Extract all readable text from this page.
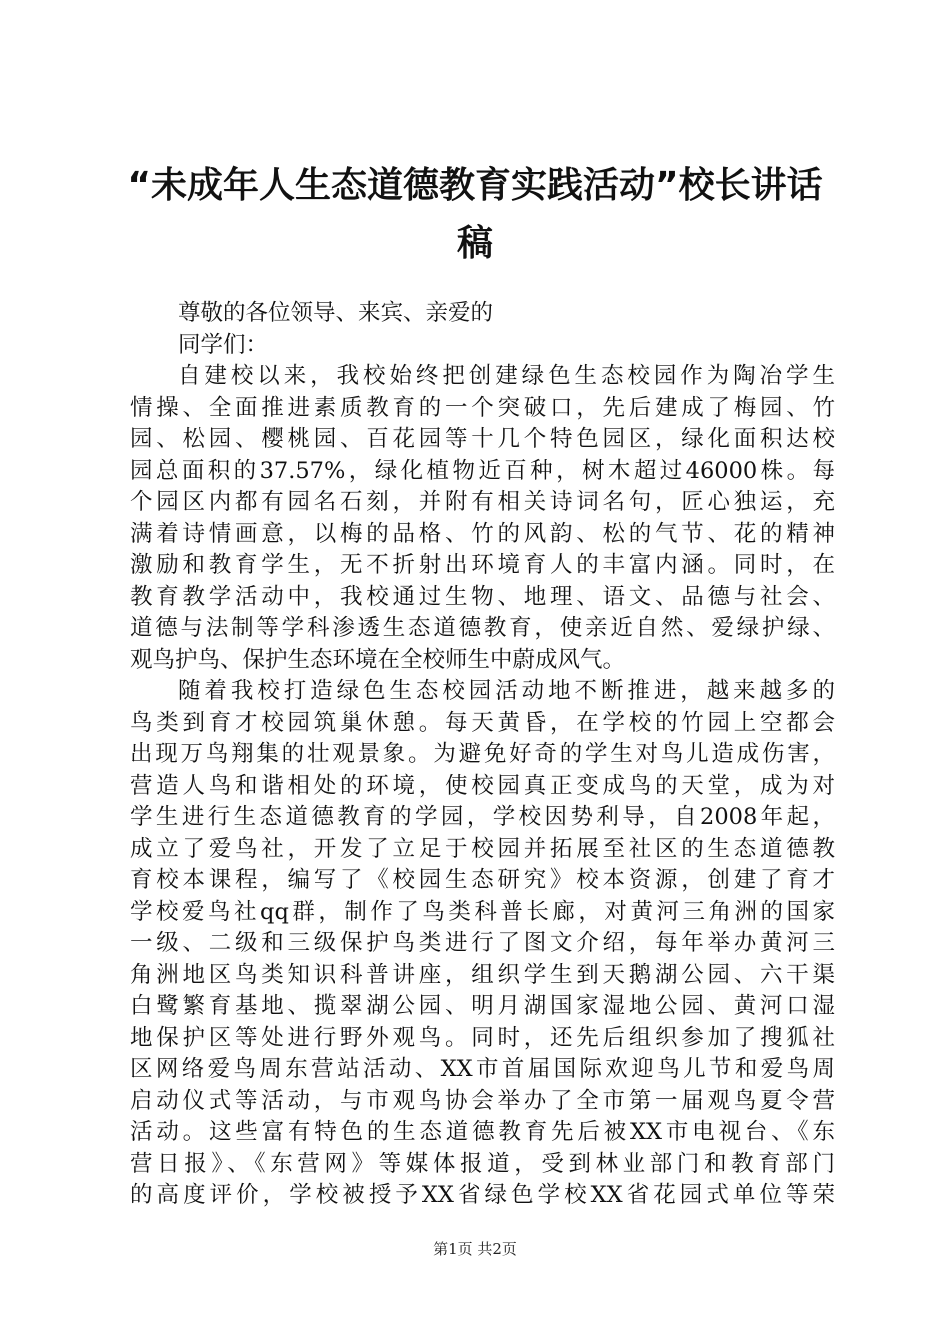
“未成年人生态道德教育实践活动”校长讲话
稿
尊敬的各位领导、来宾、亲爱的
同学们：
自建校以来，我校始终把创建绿色生态校园作为陶冶学生
情操、全面推进素质教育的一个突破口，先后建成了梅园、竹
园、松园、樱桃园、百花园等十几个特色园区，绿化面积达校
园总面积的37.57%，绿化植物近百种，树木超过46000株。每
个园区内都有园名石刻，并附有相关诗词名句，匠心独运，充
满着诗情画意，以梅的品格、竹的风韵、松的气节、花的精神
激励和教育学生，无不折射出环境育人的丰富内涵。同时，在
教育教学活动中，我校通过生物、地理、语文、品德与社会、
道德与法制等学科渗透生态道德教育，使亲近自然、爱绿护绿、
观鸟护鸟、保护生态环境在全校师生中蔚成风气。
随着我校打造绿色生态校园活动地不断推进，越来越多的
鸟类到育才校园筑巢休憩。每天黄昏，在学校的竹园上空都会
出现万鸟翔集的壮观景象。为避免好奇的学生对鸟儿造成伤害，
营造人鸟和谐相处的环境，使校园真正变成鸟的天堂，成为对
学生进行生态道德教育的学园，学校因势利导，自2008年起，
成立了爱鸟社，开发了立足于校园并拓展至社区的生态道德教
育校本课程，编写了《校园生态研究》校本资源，创建了育才
学校爱鸟社qq群，制作了鸟类科普长廊，对黄河三角洲的国家
一级、二级和三级保护鸟类进行了图文介绍，每年举办黄河三
角洲地区鸟类知识科普讲座，组织学生到天鹅湖公园、六干渠
白鹭繁育基地、揽翠湖公园、明月湖国家湿地公园、黄河口湿
地保护区等处进行野外观鸟。同时，还先后组织参加了搜狐社
区网络爱鸟周东营站活动、XX市首届国际欢迎鸟儿节和爱鸟周
启动仪式等活动，与市观鸟协会举办了全市第一届观鸟夏令营
活动。这些富有特色的生态道德教育先后被XX市电视台、《东
营日报》、《东营网》等媒体报道，受到林业部门和教育部门
的高度评价，学校被授予XX省绿色学校XX省花园式单位等荣
第1页 共2页
